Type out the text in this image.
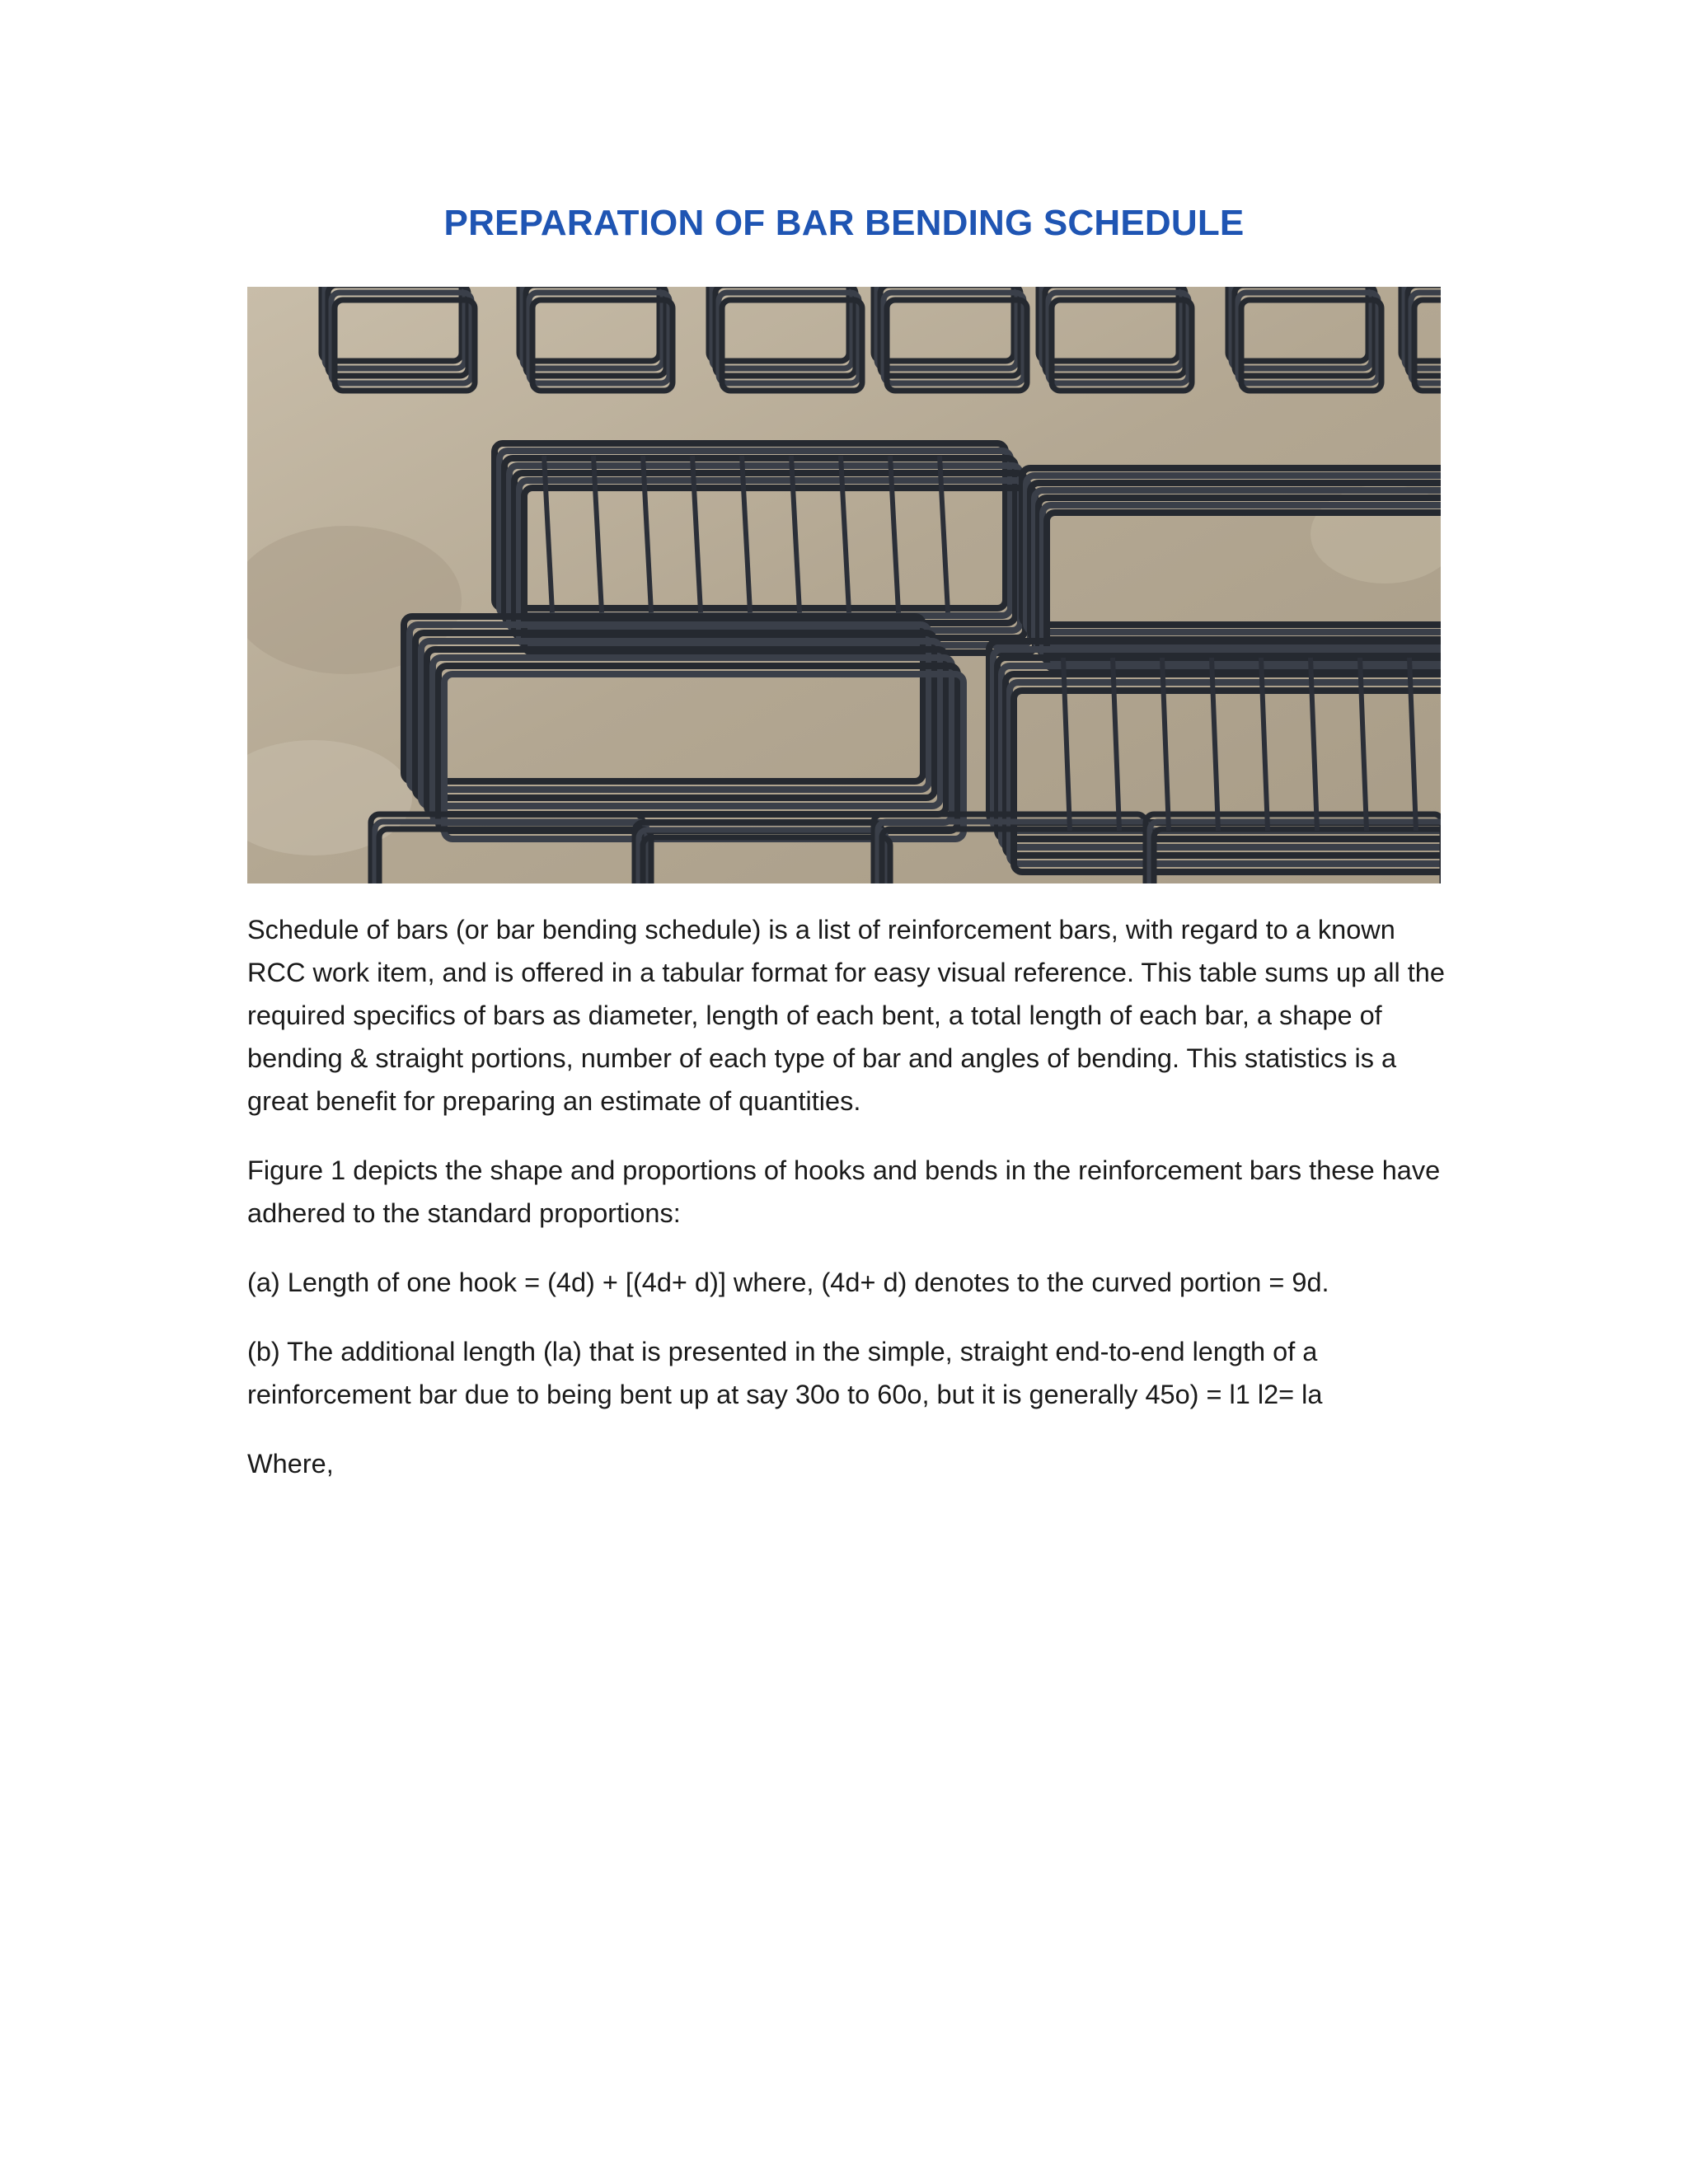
PREPARATION OF BAR BENDING SCHEDULE

Schedule of bars (or bar bending schedule) is a list of reinforcement bars, with regard to a known RCC work item, and is offered in a tabular format for easy visual reference. This table sums up all the required specifics of bars as diameter, length of each bent, a total length of each bar, a shape of bending & straight portions, number of each type of bar and angles of bending. This statistics is a great benefit for preparing an estimate of quantities.

Figure 1 depicts the shape and proportions of hooks and bends in the reinforcement bars these have adhered to the standard proportions:

(a) Length of one hook = (4d) + [(4d+ d)] where, (4d+ d) denotes to the curved portion = 9d.

(b) The additional length (la) that is presented in the simple, straight end-to-end length of a reinforcement bar due to being bent up at say 30o to 60o, but it is generally 45o) = l1 l2= la

Where,
